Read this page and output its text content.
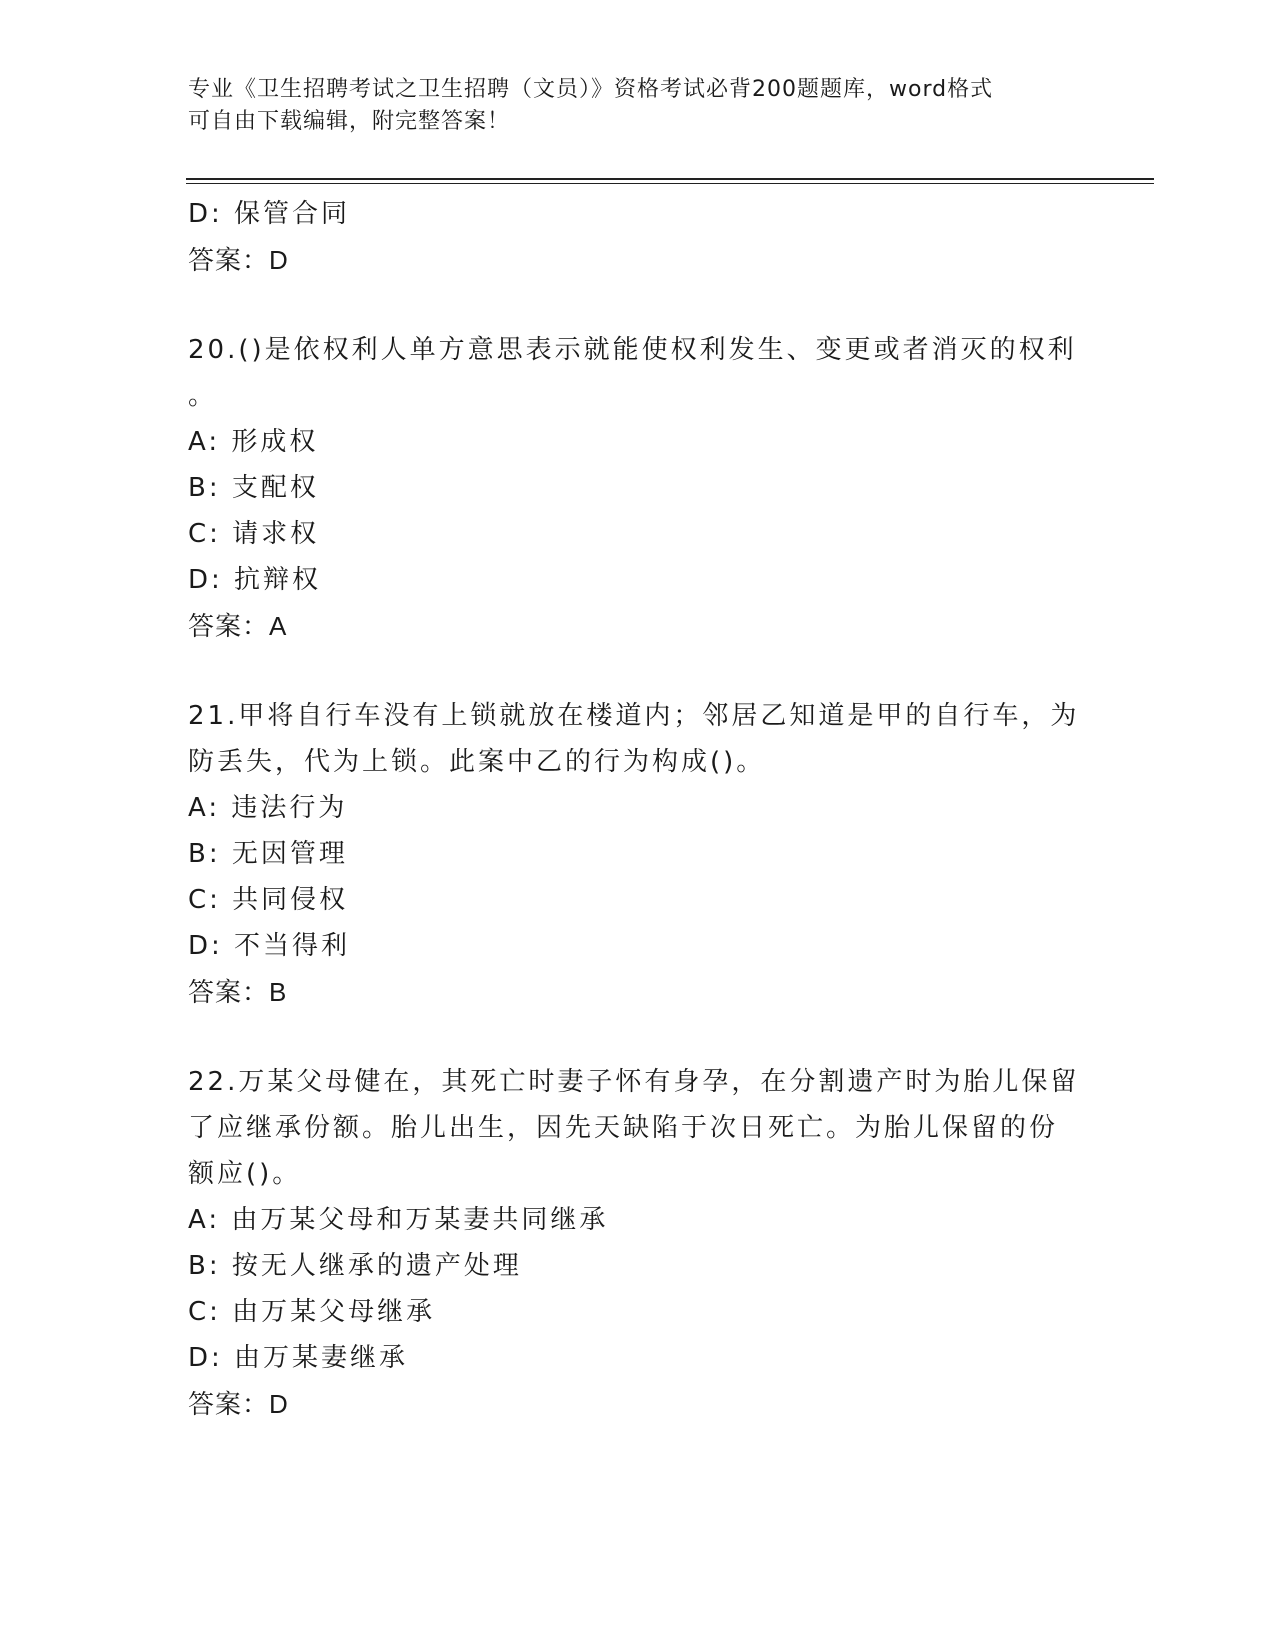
专业《卫生招聘考试之卫生招聘（文员）》资格考试必背200题题库，word格式
可自由下载编辑，附完整答案！
D: 保管合同
答案：D
20.()是依权利人单方意思表示就能使权利发生、变更或者消灭的权利
。
A: 形成权
B: 支配权
C: 请求权
D: 抗辩权
答案：A
21.甲将自行车没有上锁就放在楼道内；邻居乙知道是甲的自行车，为
防丢失，代为上锁。此案中乙的行为构成()。
A: 违法行为
B: 无因管理
C: 共同侵权
D: 不当得利
答案：B
22.万某父母健在，其死亡时妻子怀有身孕，在分割遗产时为胎儿保留
了应继承份额。胎儿出生，因先天缺陷于次日死亡。为胎儿保留的份
额应()。
A: 由万某父母和万某妻共同继承
B: 按无人继承的遗产处理
C: 由万某父母继承
D: 由万某妻继承
答案：D
